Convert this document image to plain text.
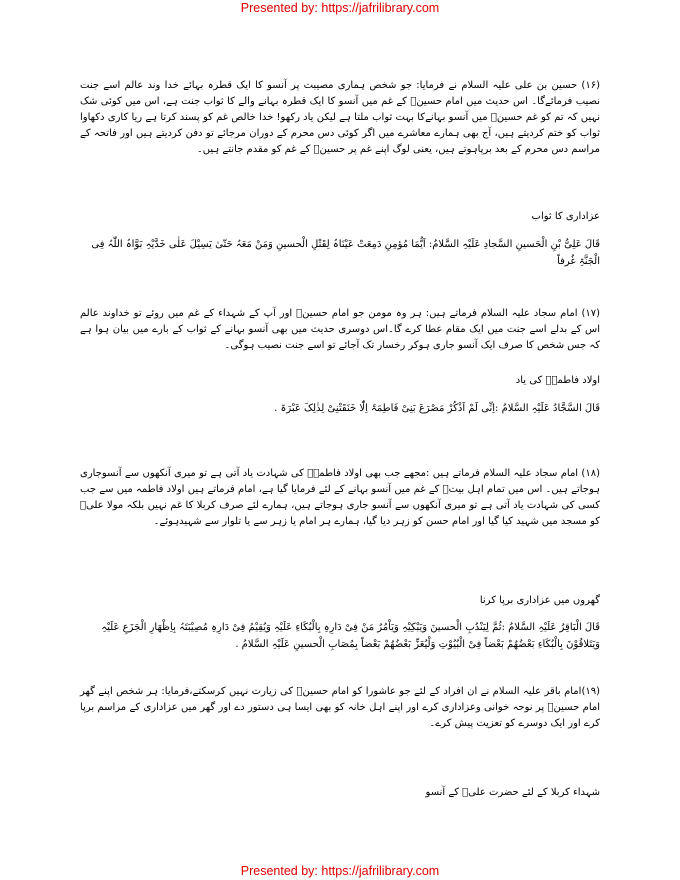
Presented by: https://jafrilibrary.com

(۱۶) حسین بن علی علیہ السلام نے فرمایا: جو شخص ہماری مصیبت پر آنسو کا ایک قطرہ بہائے خدا وند عالم اسے جنت نصیب فرمائےگا۔ اس حدیث میں امام حسینؑ کے غم میں آنسو کا ایک قطرہ بہانے والے کا ثواب جنت ہے، اس میں کوئی شک نہیں کہ تم کو غم حسینؑ میں آنسو بہانےکا بہت ثواب ملتا ہے لیکن یاد رکھو! خدا خالص غم کو پسند کرتا ہے ریا کاری دکھاوا ثواب کو ختم کردیتے ہیں، آج بھی ہمارے معاشرے میں اگر کوئی دس محرم کے دوران مرجائے تو دفن کردیتے ہیں اور فاتحہ کے مراسم دس محرم کے بعد برپاہوتے ہیں، یعنی لوگ اپنے غم پر حسینؑ کے غم کو مقدم جانتے ہیں۔

عزاداری کا ثواب

قَالَ عَلِیُّ بْنِ الْحَسینِ السَّجادِ عَلَیْہِ السَّلامُ: اَیُّمَا مُؤمِنِ دَمِعَتْ عَیْنَاہُ لِقَتْلِ الْحسینِ وَمَنْ مَعَہُ حَتّیٰ یَسِیْلَ عَلٰی خَدَّیْہِ بَوَّاہُ اللّٰہُ فِی الْجَنَّۃِ غُرفاً

(۱۷) امام سجاد علیہ السلام فرماتے ہیں: ہر وہ مومن جو امام حسینؑ اور آپ کے شہداء کے غم میں روئے تو خداوند عالم اس کے بدلے اسے جنت میں ایک مقام عطا کرے گا۔اس دوسری حدیث میں بھی آنسو بہانے کے ثواب کے بارے میں بیان ہوا ہے کہ جس شخص کا صرف ایک آنسو جاری ہوکر رخسار تک آجائے تو اسے جنت نصیب ہوگی۔

اولاد فاطمہؑ کی یاد

قَالَ السَّجَّادُ عَلَیْہِ السَّلامُ :اِنِّی لَمْ اَذْکُرْ مَصْرَعَ بَنِیْ فَاطِمَۃَ اِلّٰا خَنَقَتْنِیْ لِذٰلِکَ عَبْرَۃ .

(۱۸) امام سجاد علیہ السلام فرماتے ہیں :مجھے جب بھی اولاد فاطمہؑ کی شہادت یاد آتی ہے تو میری آنکھوں سے آنسوجاری ہوجاتے ہیں۔ اس میں تمام اہل بیتؑ کے غم میں آنسو بہانے کے لئے فرمایا گیا ہے، امام فرماتے ہیں اولاد فاطمہ میں سے جب کسی کی شہادت یاد آتی ہے تو میری آنکھوں سے آنسو جاری ہوجاتے ہیں، ہمارے لئے صرف کربلا کا غم نہیں بلکہ مولا علیؑ کو مسجد میں شہید کیا گیا اور امام حسن کو زہر دیا گیا، ہمارے ہر امام یا زہر سے یا تلوار سے شہیدہوئے۔

گھروں میں عزاداری برپا کرنا

قَالَ الْبَاقِرُ عَلَیْہِ السَّلامُ :ثُمَّ لِیَنْدُبِ الْحسینَ وَیَبْکِیْہِ وَیَاْمُرُ مَنْ فِیْ دَارِہِ بِالْبُکَاءِ عَلَیْہِ وَیُقِیْمُ فِیْ دَارِہِ مُصِیْبَتَہُ بِاِظْھَارِ الْجَزَعِ عَلَیْہِ وَیَتَلاقُوْنَ بِالْبُکَاءِ بَعْضُھُمْ بَعْضاً فِیْ الْبُیُوْتِ وَلْیُعَزِّ بَعْضُھُمْ بَعْضاً بِمُصَابِ الْحسینِ عَلَیْہِ السَّلامُ .

(۱۹)امام باقر علیہ السلام نے ان افراد کے لئے جو عاشورا کو امام حسینؑ کی زیارت نہیں کرسکتے،فرمایا: ہر شخص اپنے گھر امام حسینؑ پر نوحہ خوانی وعزاداری کرے اور اپنے اہل خانہ کو بھی ایسا ہی دستور دے اور گھر میں عزاداری کے مراسم برپا کرے اور ایک دوسرے کو تعزیت پیش کرے۔

شہداء کربلا کے لئے حضرت علیؑ کے آنسو
Presented by: https://jafrilibrary.com
